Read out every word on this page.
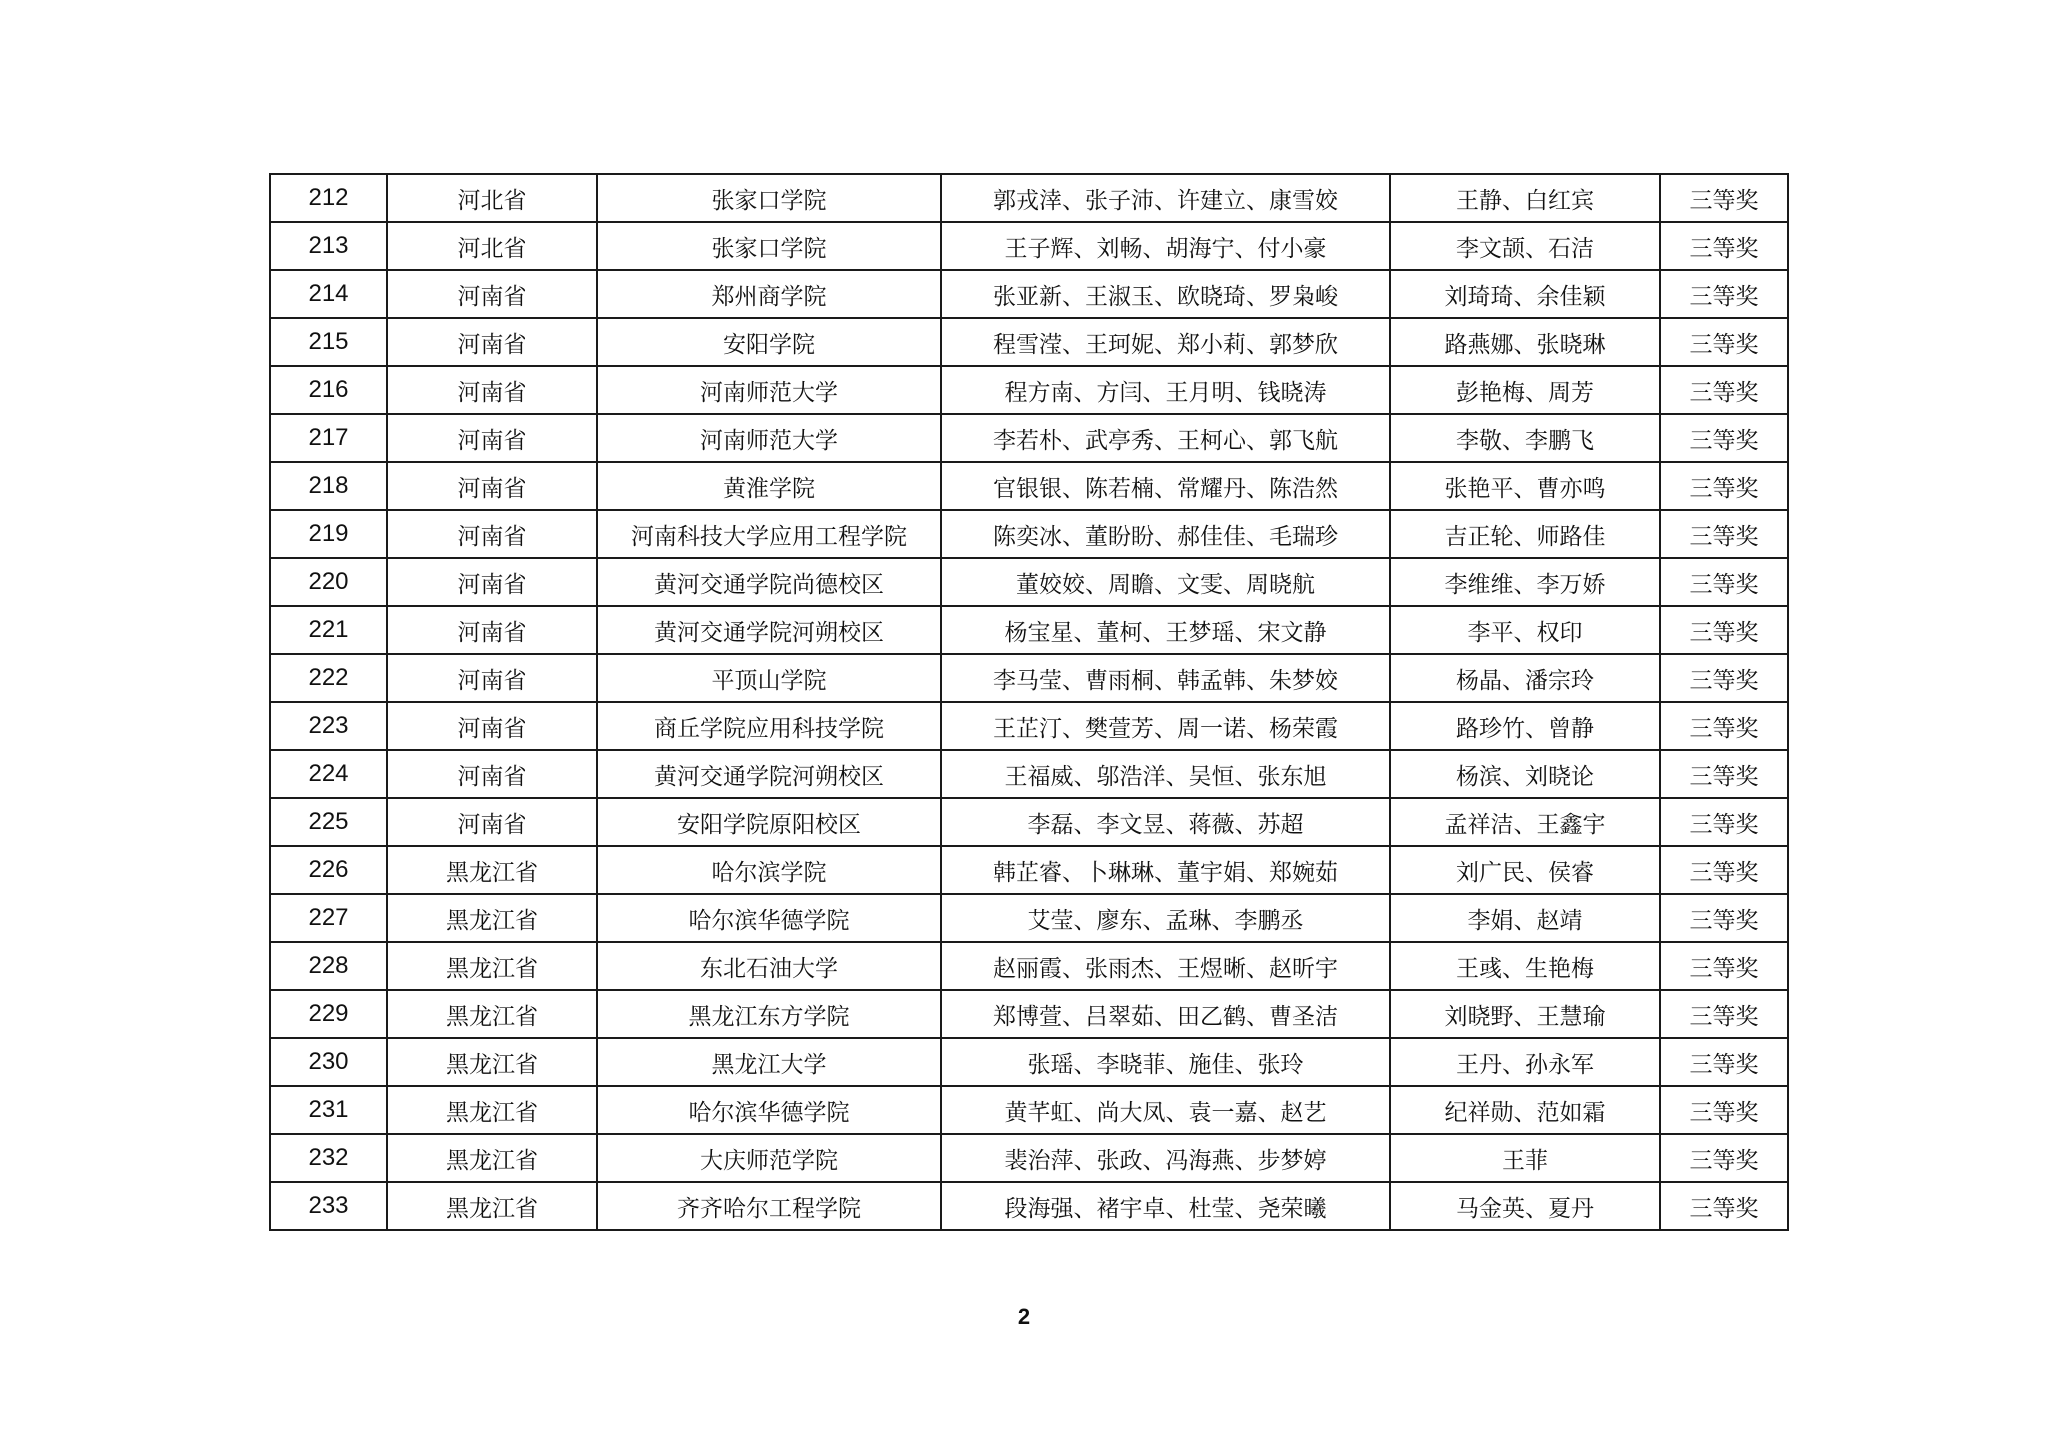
212	河北省	张家口学院	郭戎涬、张子沛、许建立、康雪姣	王静、白红宾	三等奖
213	河北省	张家口学院	王子辉、刘畅、胡海宁、付小豪	李文颉、石洁	三等奖
214	河南省	郑州商学院	张亚新、王淑玉、欧晓琦、罗枭峻	刘琦琦、余佳颖	三等奖
215	河南省	安阳学院	程雪滢、王珂妮、郑小莉、郭梦欣	路燕娜、张晓琳	三等奖
216	河南省	河南师范大学	程方南、方闫、王月明、钱晓涛	彭艳梅、周芳	三等奖
217	河南省	河南师范大学	李若朴、武亭秀、王柯心、郭飞航	李敬、李鹏飞	三等奖
218	河南省	黄淮学院	官银银、陈若楠、常耀丹、陈浩然	张艳平、曹亦鸣	三等奖
219	河南省	河南科技大学应用工程学院	陈奕冰、董盼盼、郝佳佳、毛瑞珍	吉正轮、师路佳	三等奖
220	河南省	黄河交通学院尚德校区	董姣姣、周瞻、文雯、周晓航	李维维、李万娇	三等奖
221	河南省	黄河交通学院河朔校区	杨宝星、董柯、王梦瑶、宋文静	李平、权印	三等奖
222	河南省	平顶山学院	李马莹、曹雨桐、韩孟韩、朱梦姣	杨晶、潘宗玲	三等奖
223	河南省	商丘学院应用科技学院	王芷汀、樊萱芳、周一诺、杨荣霞	路珍竹、曾静	三等奖
224	河南省	黄河交通学院河朔校区	王福威、邬浩洋、吴恒、张东旭	杨滨、刘晓论	三等奖
225	河南省	安阳学院原阳校区	李磊、李文昱、蒋薇、苏超	孟祥洁、王鑫宇	三等奖
226	黑龙江省	哈尔滨学院	韩芷睿、卜琳琳、董宇娟、郑婉茹	刘广民、侯睿	三等奖
227	黑龙江省	哈尔滨华德学院	艾莹、廖东、孟琳、李鹏丞	李娟、赵靖	三等奖
228	黑龙江省	东北石油大学	赵丽霞、张雨杰、王煜晰、赵昕宇	王彧、生艳梅	三等奖
229	黑龙江省	黑龙江东方学院	郑博萱、吕翠茹、田乙鹤、曹圣洁	刘晓野、王慧瑜	三等奖
230	黑龙江省	黑龙江大学	张瑶、李晓菲、施佳、张玲	王丹、孙永军	三等奖
231	黑龙江省	哈尔滨华德学院	黄芊虹、尚大凤、袁一嘉、赵艺	纪祥勋、范如霜	三等奖
232	黑龙江省	大庆师范学院	裴治萍、张政、冯海燕、步梦婷	王菲	三等奖
233	黑龙江省	齐齐哈尔工程学院	段海强、褚宇卓、杜莹、尧荣曦	马金英、夏丹	三等奖
2
